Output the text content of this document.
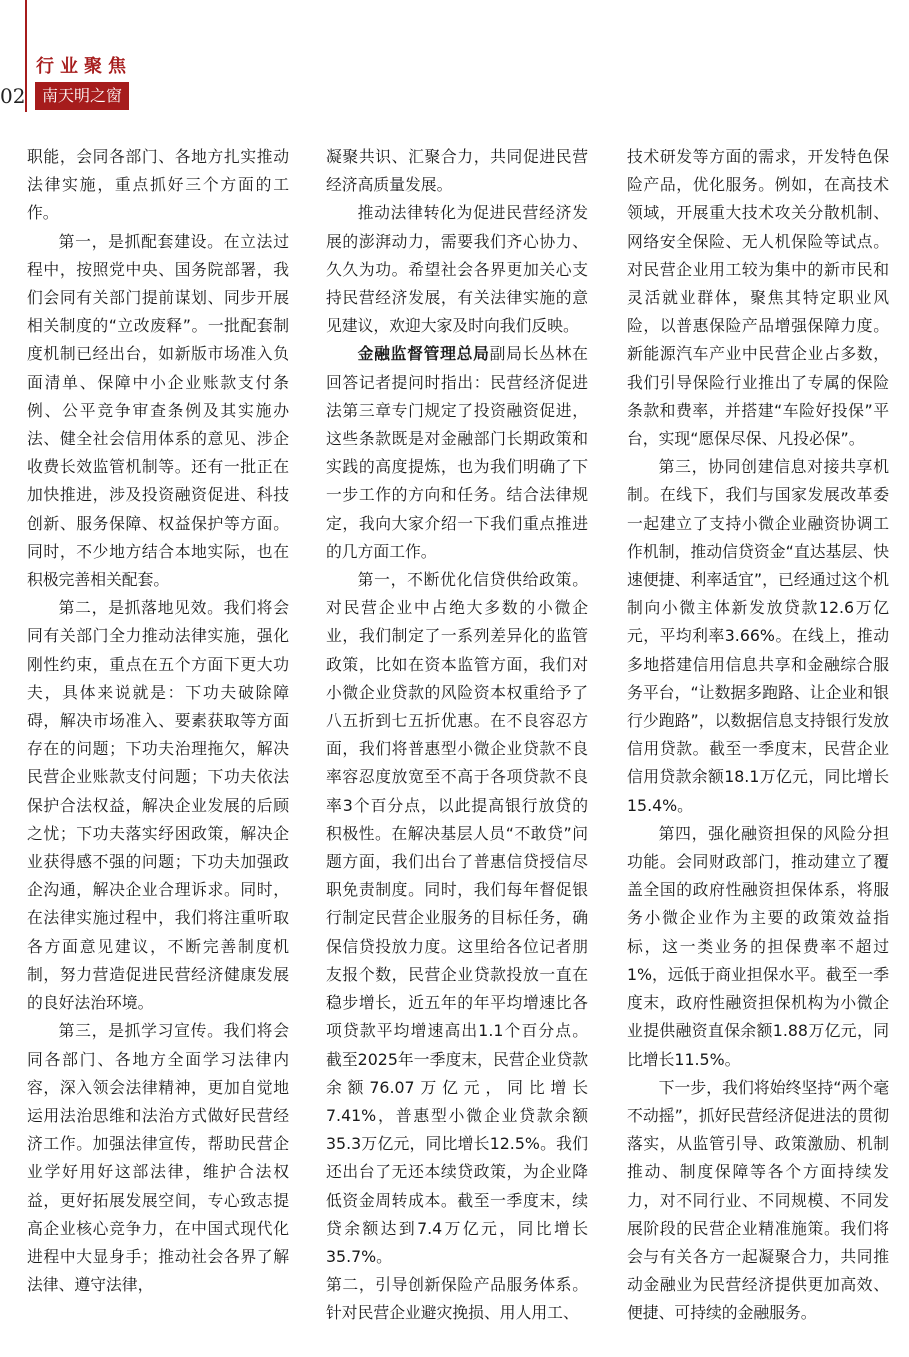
02
行业聚焦
南天明之窗

职能，会同各部门、各地方扎实推动法律实施，重点抓好三个方面的工作。

第一，是抓配套建设。在立法过程中，按照党中央、国务院部署，我们会同有关部门提前谋划、同步开展相关制度的“立改废释”。一批配套制度机制已经出台，如新版市场准入负面清单、保障中小企业账款支付条例、公平竞争审查条例及其实施办法、健全社会信用体系的意见、涉企收费长效监管机制等。还有一批正在加快推进，涉及投资融资促进、科技创新、服务保障、权益保护等方面。同时，不少地方结合本地实际，也在积极完善相关配套。

第二，是抓落地见效。我们将会同有关部门全力推动法律实施，强化刚性约束，重点在五个方面下更大功夫，具体来说就是：下功夫破除障碍，解决市场准入、要素获取等方面存在的问题；下功夫治理拖欠，解决民营企业账款支付问题；下功夫依法保护合法权益，解决企业发展的后顾之忧；下功夫落实纾困政策，解决企业获得感不强的问题；下功夫加强政企沟通，解决企业合理诉求。同时，在法律实施过程中，我们将注重听取各方面意见建议，不断完善制度机制，努力营造促进民营经济健康发展的良好法治环境。

第三，是抓学习宣传。我们将会同各部门、各地方全面学习法律内容，深入领会法律精神，更加自觉地运用法治思维和法治方式做好民营经济工作。加强法律宣传，帮助民营企业学好用好这部法律，维护合法权益，更好拓展发展空间，专心致志提高企业核心竞争力，在中国式现代化进程中大显身手；推动社会各界了解法律、遵守法律，

凝聚共识、汇聚合力，共同促进民营经济高质量发展。

推动法律转化为促进民营经济发展的澎湃动力，需要我们齐心协力、久久为功。希望社会各界更加关心支持民营经济发展，有关法律实施的意见建议，欢迎大家及时向我们反映。

金融监督管理总局副局长丛林在回答记者提问时指出：民营经济促进法第三章专门规定了投资融资促进，这些条款既是对金融部门长期政策和实践的高度提炼，也为我们明确了下一步工作的方向和任务。结合法律规定，我向大家介绍一下我们重点推进的几方面工作。

第一，不断优化信贷供给政策。对民营企业中占绝大多数的小微企业，我们制定了一系列差异化的监管政策，比如在资本监管方面，我们对小微企业贷款的风险资本权重给予了八五折到七五折优惠。在不良容忍方面，我们将普惠型小微企业贷款不良率容忍度放宽至不高于各项贷款不良率3个百分点，以此提高银行放贷的积极性。在解决基层人员“不敢贷”问题方面，我们出台了普惠信贷授信尽职免责制度。同时，我们每年督促银行制定民营企业服务的目标任务，确保信贷投放力度。这里给各位记者朋友报个数，民营企业贷款投放一直在稳步增长，近五年的年平均增速比各项贷款平均增速高出1.1个百分点。截至2025年一季度末，民营企业贷款余额76.07万亿元，同比增长7.41%，普惠型小微企业贷款余额35.3万亿元，同比增长12.5%。我们还出台了无还本续贷政策，为企业降低资金周转成本。截至一季度末，续贷余额达到7.4万亿元，同比增长35.7%。

第二，引导创新保险产品服务体系。针对民营企业避灾挽损、用人用工、

技术研发等方面的需求，开发特色保险产品，优化服务。例如，在高技术领域，开展重大技术攻关分散机制、网络安全保险、无人机保险等试点。对民营企业用工较为集中的新市民和灵活就业群体，聚焦其特定职业风险，以普惠保险产品增强保障力度。新能源汽车产业中民营企业占多数，我们引导保险行业推出了专属的保险条款和费率，并搭建“车险好投保”平台，实现“愿保尽保、凡投必保”。

第三，协同创建信息对接共享机制。在线下，我们与国家发展改革委一起建立了支持小微企业融资协调工作机制，推动信贷资金“直达基层、快速便捷、利率适宜”，已经通过这个机制向小微主体新发放贷款12.6万亿元，平均利率3.66%。在线上，推动多地搭建信用信息共享和金融综合服务平台，“让数据多跑路、让企业和银行少跑路”，以数据信息支持银行发放信用贷款。截至一季度末，民营企业信用贷款余额18.1万亿元，同比增长15.4%。

第四，强化融资担保的风险分担功能。会同财政部门，推动建立了覆盖全国的政府性融资担保体系，将服务小微企业作为主要的政策效益指标，这一类业务的担保费率不超过1%，远低于商业担保水平。截至一季度末，政府性融资担保机构为小微企业提供融资直保余额1.88万亿元，同比增长11.5%。

下一步，我们将始终坚持“两个毫不动摇”，抓好民营经济促进法的贯彻落实，从监管引导、政策激励、机制推动、制度保障等各个方面持续发力，对不同行业、不同规模、不同发展阶段的民营企业精准施策。我们将会与有关各方一起凝聚合力，共同推动金融业为民营经济提供更加高效、便捷、可持续的金融服务。
